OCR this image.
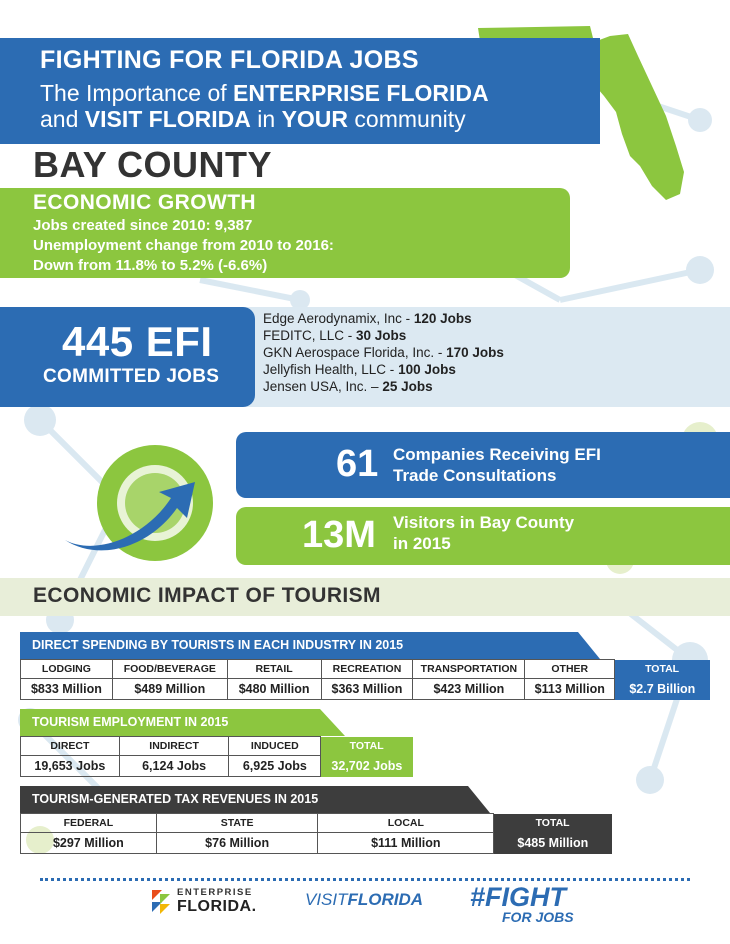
FIGHTING FOR FLORIDA JOBS
The Importance of ENTERPRISE FLORIDA
and VISIT FLORIDA in YOUR community
BAY COUNTY
ECONOMIC GROWTH
Jobs created since 2010: 9,387
Unemployment change from 2010 to 2016:
Down from 11.8% to 5.2% (-6.6%)
445 EFI
COMMITTED JOBS
Edge Aerodynamix, Inc - 120 Jobs
FEDITC, LLC - 30 Jobs
GKN Aerospace Florida, Inc. - 170 Jobs
Jellyfish Health, LLC - 100 Jobs
Jensen USA, Inc. – 25 Jobs
61 Companies Receiving EFI
Trade Consultations
13M Visitors in Bay County
in 2015
ECONOMIC IMPACT OF TOURISM
DIRECT SPENDING BY TOURISTS IN EACH INDUSTRY IN 2015
LODGING	FOOD/BEVERAGE	RETAIL	RECREATION	TRANSPORTATION	OTHER	TOTAL
$833 Million	$489 Million	$480 Million	$363 Million	$423 Million	$113 Million	$2.7 Billion
TOURISM EMPLOYMENT IN 2015
DIRECT	INDIRECT	INDUCED	TOTAL
19,653 Jobs	6,124 Jobs	6,925 Jobs	32,702 Jobs
TOURISM-GENERATED TAX REVENUES IN 2015
FEDERAL	STATE	LOCAL	TOTAL
$297 Million	$76 Million	$111 Million	$485 Million
ENTERPRISE
FLORIDA.	VISITFLORIDA #FIGHT
FOR JOBS
